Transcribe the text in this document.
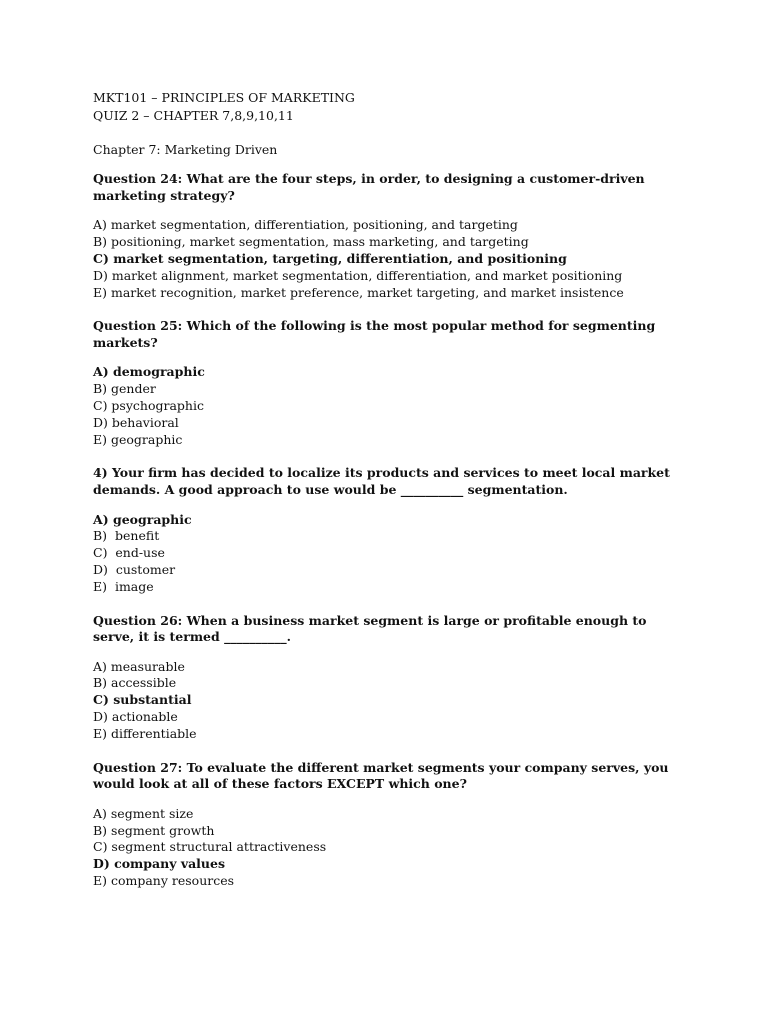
MKT101 – PRINCIPLES OF MARKETING

QUIZ 2 – CHAPTER 7,8,9,10,11

Chapter 7: Marketing Driven

Question 24: What are the four steps, in order, to designing a customer-driven marketing strategy?

A) market segmentation, differentiation, positioning, and targeting

B) positioning, market segmentation, mass marketing, and targeting

C) market segmentation, targeting, differentiation, and positioning

D) market alignment, market segmentation, differentiation, and market positioning

E) market recognition, market preference, market targeting, and market insistence

Question 25: Which of the following is the most popular method for segmenting markets?

A) demographic

B) gender

C) psychographic

D) behavioral

E) geographic

4) Your firm has decided to localize its products and services to meet local market demands. A good approach to use would be __________ segmentation.

A) geographic

B)  benefit

C)  end-use

D)  customer

E)  image

Question 26: When a business market segment is large or profitable enough to serve, it is termed __________.

A) measurable

B) accessible

C) substantial

D) actionable

E) differentiable

Question 27: To evaluate the different market segments your company serves, you would look at all of these factors EXCEPT which one?

A) segment size

B) segment growth

C) segment structural attractiveness

D) company values

E) company resources
